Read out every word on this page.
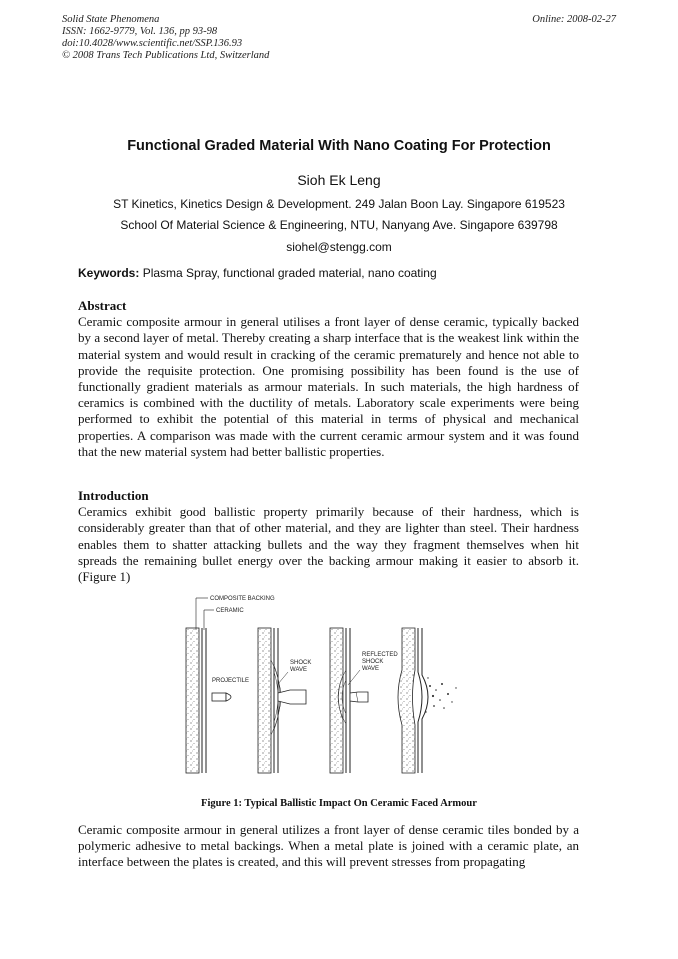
Solid State Phenomena
ISSN: 1662-9779, Vol. 136, pp 93-98
doi:10.4028/www.scientific.net/SSP.136.93
© 2008 Trans Tech Publications Ltd, Switzerland
Online: 2008-02-27
Functional Graded Material With Nano Coating For Protection
Sioh Ek Leng
ST Kinetics, Kinetics Design & Development. 249 Jalan Boon Lay. Singapore 619523
School Of Material Science & Engineering, NTU, Nanyang Ave. Singapore 639798
siohel@stengg.com
Keywords: Plasma Spray, functional graded material, nano coating
Abstract
Ceramic composite armour in general utilises a front layer of dense ceramic, typically backed by a second layer of metal. Thereby creating a sharp interface that is the weakest link within the material system and would result in cracking of the ceramic prematurely and hence not able to provide the requisite protection. One promising possibility has been found is the use of functionally gradient materials as armour materials. In such materials, the high hardness of ceramics is combined with the ductility of metals. Laboratory scale experiments were being performed to exhibit the potential of this material in terms of physical and mechanical properties. A comparison was made with the current ceramic armour system and it was found that the new material system had better ballistic properties.
Introduction
Ceramics exhibit good ballistic property primarily because of their hardness, which is considerably greater than that of other material, and they are lighter than steel. Their hardness enables them to shatter attacking bullets and the way they fragment themselves when hit spreads the remaining bullet energy over the backing armour making it easier to absorb it. (Figure 1)
COMPOSITE BACKING
CERAMIC
PROJECTILE
SHOCK
WAVE
REFLECTED
SHOCK
WAVE
Figure 1: Typical Ballistic Impact On Ceramic Faced Armour
Ceramic composite armour in general utilizes a front layer of dense ceramic tiles bonded by a polymeric adhesive to metal backings. When a metal plate is joined with a ceramic plate, an interface between the plates is created, and this will prevent stresses from propagating
